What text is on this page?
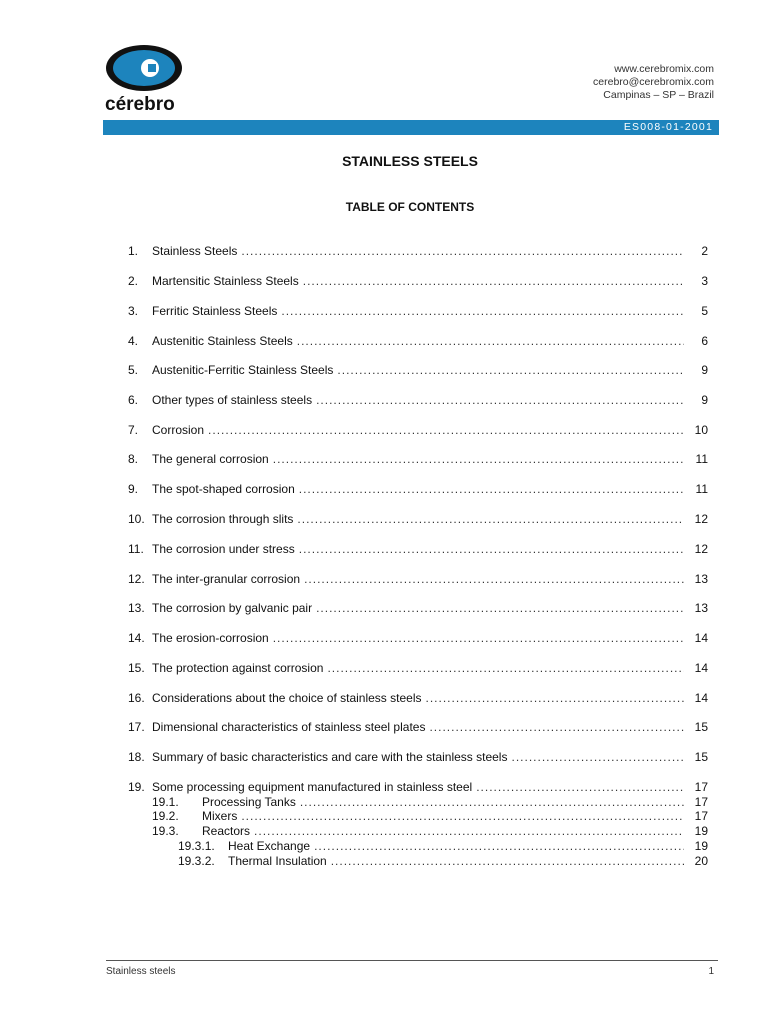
cérebro
www.cerebromix.com
cerebro@cerebromix.com
Campinas – SP – Brazil
ES008-01-2001
STAINLESS STEELS
TABLE OF CONTENTS
1.	Stainless Steels .....	2
2.	Martensitic Stainless Steels .....	3
3.	Ferritic Stainless Steels .....	5
4.	Austenitic Stainless Steels .....	6
5.	Austenitic-Ferritic Stainless Steels .....	9
6.	Other types of stainless steels .....	9
7.	Corrosion .....	10
8.	The general corrosion .....	11
9.	The spot-shaped corrosion .....	11
10. The corrosion through slits .....	12
11. The corrosion under stress .....	12
12. The inter-granular corrosion .....	13
13. The corrosion by galvanic pair .....	13
14. The erosion-corrosion .....	14
15. The protection against corrosion .....	14
16. Considerations about the choice of stainless steels .....	14
17. Dimensional characteristics of stainless steel plates .....	15
18. Summary of basic characteristics and care with the stainless steels .....	15
19. Some processing equipment manufactured in stainless steel .....	17
19.1.	Processing Tanks .....	17
19.2.	Mixers .....	17
19.3.	Reactors .....	19
19.3.1.	Heat Exchange .....	19
19.3.2.	Thermal Insulation .....	20
Stainless steels	1
